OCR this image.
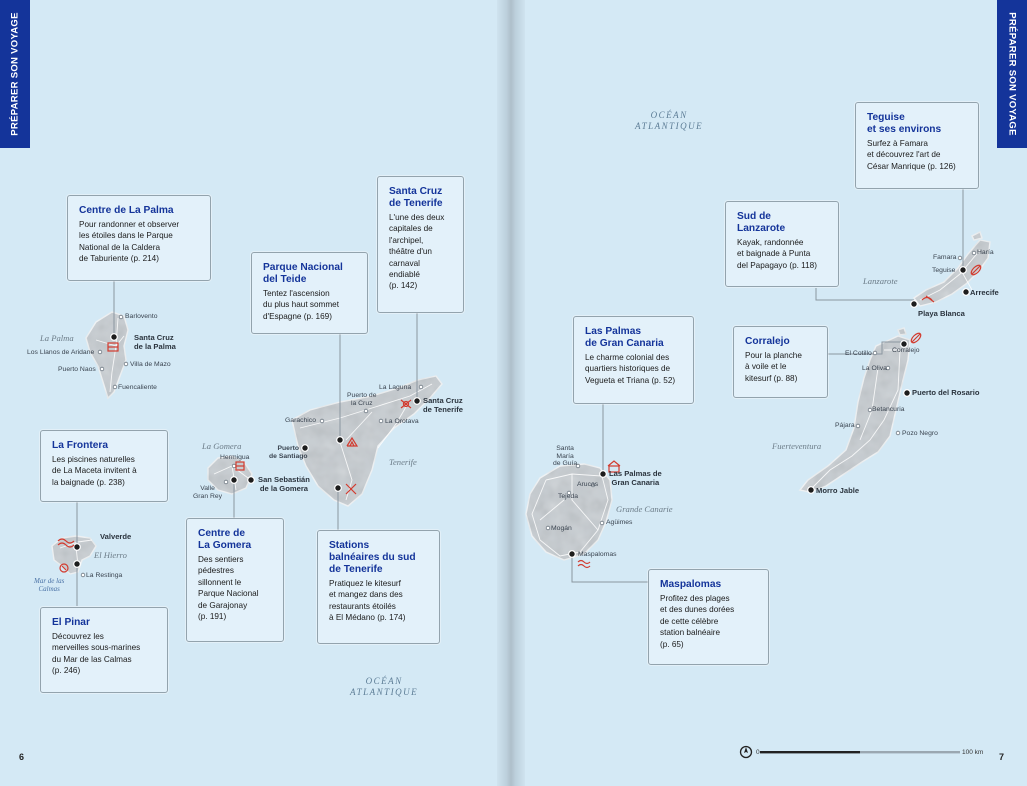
PRÉPARER SON VOYAGE	PRÉPARER SON VOYAGE
OCÉAN
ATLANTIQUE
OCÉAN
ATLANTIQUE
Mar de las
Calmas
La Palma
El Hierro
La Gomera
Tenerife
Grande Canarie
Fuerteventura
Lanzarote
Barlovento
Santa Cruz
de la Palma
Los Llanos de Aridane
Villa de Mazo
Puerto Naos
Fuencaliente
Valverde
La Restinga
Hermigua
Valle
Gran Rey
San Sebastián
de la Gomera
La Laguna
Puerto de
la Cruz
La Orotava
Garachico
Santa Cruz
de Tenerife
Puerto
de Santiago
Santa
María
de Guía
Arucas
Las Palmas de
Gran Canaria
Tejeda
Mogán
Agüimes
Maspalomas
El Cotillo	Corralejo
La Oliva
Puerto del Rosario
Betancuria
Pájara
Pozo Negro
Morro Jable
Famara
Haría
Teguise
Arrecife
Playa Blanca
Centre de La Palma
Pour randonner et observer
les étoiles dans le Parque
National de la Caldera
de Taburiente (p. 214)
La Frontera
Les piscines naturelles
de La Maceta invitent à
la baignade (p. 238)
El Pinar
Découvrez les
merveilles sous-marines
du Mar de las Calmas
(p. 246)
Centre de
La Gomera
Des sentiers
pédestres
sillonnent le
Parque Nacional
de Garajonay
(p. 191)
Parque Nacional
del Teide
Tentez l'ascension
du plus haut sommet
d'Espagne (p. 169)
Santa Cruz
de Tenerife
L'une des deux
capitales de
l'archipel,
théâtre d'un
carnaval
endiablé
(p. 142)
Stations
balnéaires du sud
de Tenerife
Pratiquez le kitesurf
et mangez dans des
restaurants étoilés
à El Médano (p. 174)
Las Palmas
de Gran Canaria
Le charme colonial des
quartiers historiques de
Vegueta et Triana (p. 52)
Maspalomas
Profitez des plages
et des dunes dorées
de cette célèbre
station balnéaire
(p. 65)
Teguise
et ses environs
Surfez à Famara
et découvrez l'art de
César Manrique (p. 126)
Sud de
Lanzarote
Kayak, randonnée
et baignade à Punta
del Papagayo (p. 118)
Corralejo
Pour la planche
à voile et le
kitesurf (p. 88)
6	7
0	100 km
